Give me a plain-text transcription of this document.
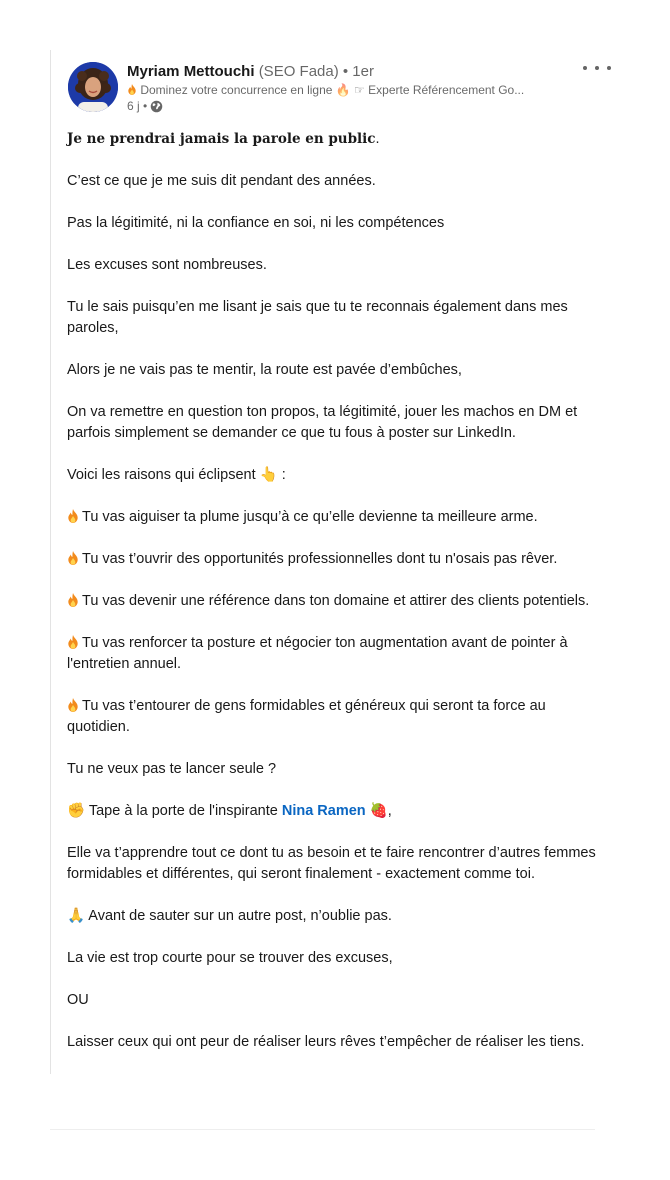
Myriam Mettouchi (SEO Fada) • 1er
Dominez votre concurrence en ligne 🔥 ☞ Experte Référencement Go...
6 j •

Je ne prendrai jamais la parole en public.

C’est ce que je me suis dit pendant des années.

Pas la légitimité, ni la confiance en soi, ni les compétences

Les excuses sont nombreuses.

Tu le sais puisqu’en me lisant je sais que tu te reconnais également dans mes paroles,

Alors je ne vais pas te mentir, la route est pavée d’embûches,

On va remettre en question ton propos, ta légitimité, jouer les machos en DM et parfois simplement se demander ce que tu fous à poster sur LinkedIn.

Voici les raisons qui éclipsent 👆 :

Tu vas aiguiser ta plume jusqu’à ce qu’elle devienne ta meilleure arme.

Tu vas t’ouvrir des opportunités professionnelles dont tu n'osais pas rêver.

Tu vas devenir une référence dans ton domaine et attirer des clients potentiels.

Tu vas renforcer ta posture et négocier ton augmentation avant de pointer à l'entretien annuel.

Tu vas t’entourer de gens formidables et généreux qui seront ta force au quotidien.

Tu ne veux pas te lancer seule ?

✊ Tape à la porte de l'inspirante Nina Ramen 🍓,

Elle va t’apprendre tout ce dont tu as besoin et te faire rencontrer d’autres femmes formidables et différentes, qui seront finalement - exactement comme toi.

🙏 Avant de sauter sur un autre post, n’oublie pas.

La vie est trop courte pour se trouver des excuses,

OU

Laisser ceux qui ont peur de réaliser leurs rêves t’empêcher de réaliser les tiens.
